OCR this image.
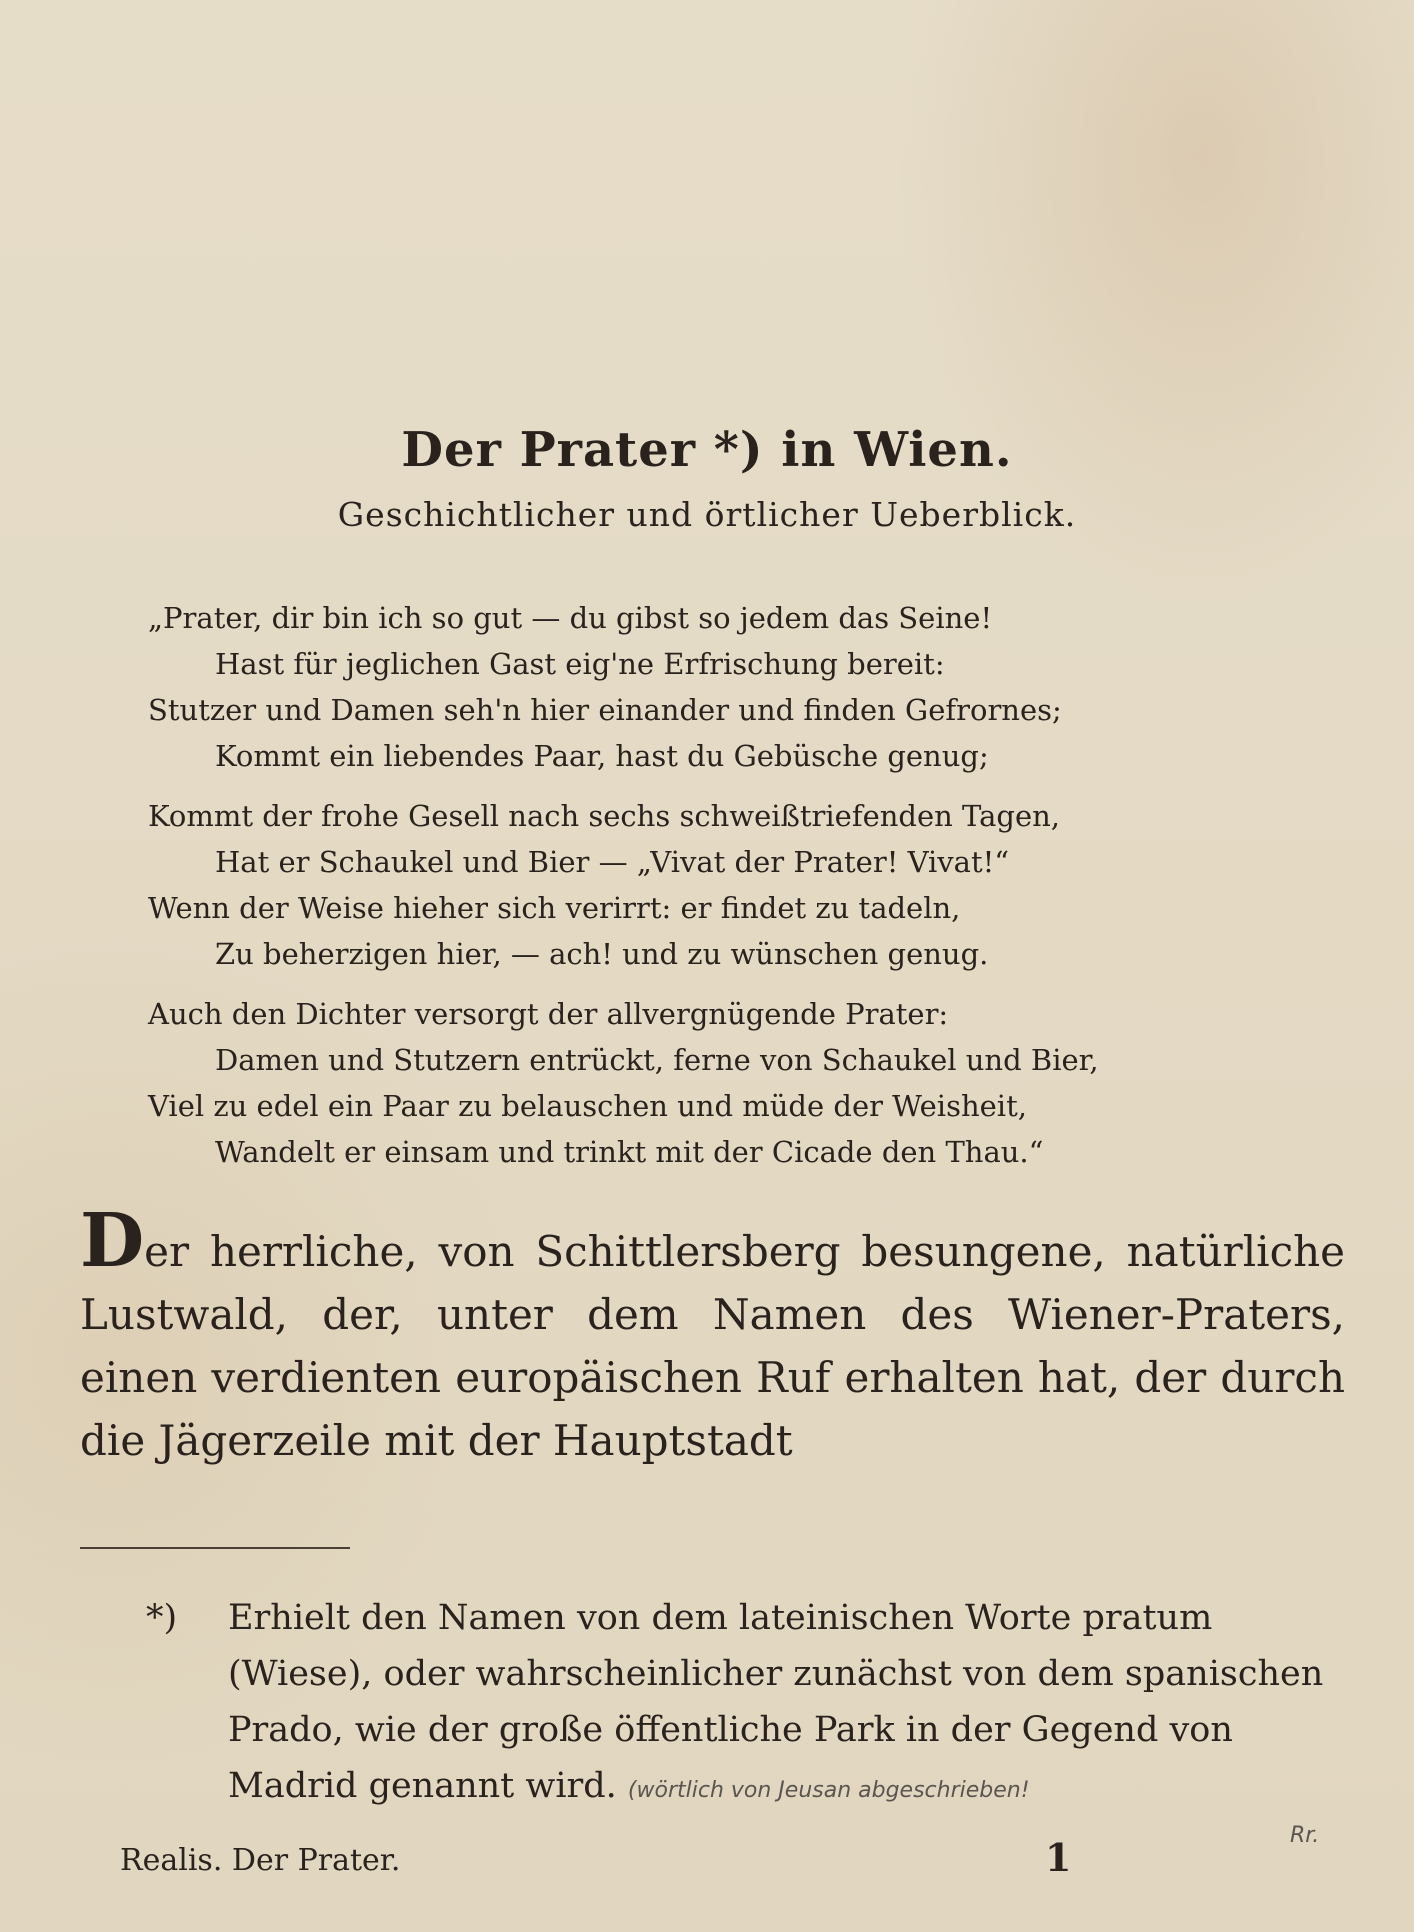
Der Prater *) in Wien.
Geschichtlicher und örtlicher Ueberblick.
„Prater, dir bin ich so gut — du gibst so jedem das Seine!
Hast für jeglichen Gast eig'ne Erfrischung bereit:
Stutzer und Damen seh'n hier einander und finden Gefrornes;
Kommt ein liebendes Paar, hast du Gebüsche genug;
Kommt der frohe Gesell nach sechs schweißtriefenden Tagen,
Hat er Schaukel und Bier — „Vivat der Prater! Vivat!“
Wenn der Weise hieher sich verirrt: er findet zu tadeln,
Zu beherzigen hier, — ach! und zu wünschen genug.
Auch den Dichter versorgt der allvergnügende Prater:
Damen und Stutzern entrückt, ferne von Schaukel und Bier,
Viel zu edel ein Paar zu belauschen und müde der Weisheit,
Wandelt er einsam und trinkt mit der Cicade den Thau.“
Der herrliche, von Schittlersberg besungene, natürliche Lustwald, der, unter dem Namen des Wiener-Praters, einen verdienten europäischen Ruf erhalten hat, der durch die Jägerzeile mit der Hauptstadt
*)	Erhielt den Namen von dem lateinischen Worte pratum (Wiese), oder wahrscheinlicher zunächst von dem spanischen Prado, wie der große öffentliche Park in der Gegend von Madrid genannt wird. (wörtlich von Jeusan abgeschrieben!
Realis. Der Prater.	1	Rr.
